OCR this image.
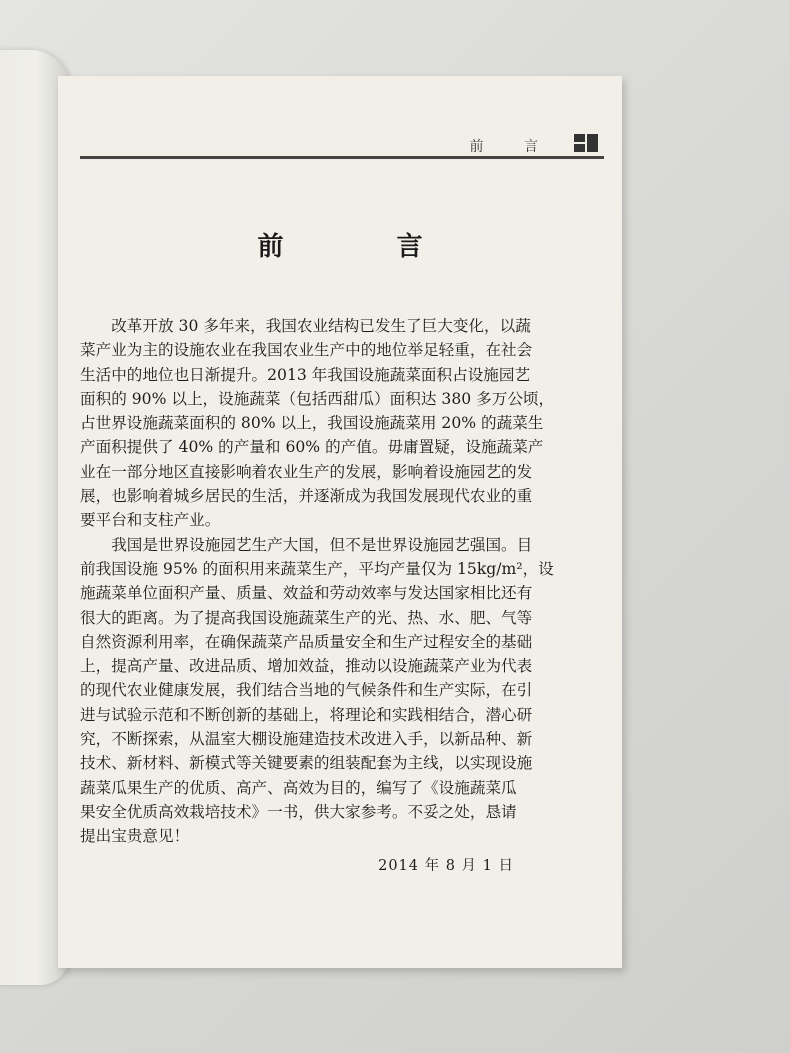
前 言
前 言

　　改革开放 30 多年来，我国农业结构已发生了巨大变化，以蔬
菜产业为主的设施农业在我国农业生产中的地位举足轻重，在社会
生活中的地位也日渐提升。2013 年我国设施蔬菜面积占设施园艺
面积的 90% 以上，设施蔬菜（包括西甜瓜）面积达 380 多万公顷，
占世界设施蔬菜面积的 80% 以上，我国设施蔬菜用 20% 的蔬菜生
产面积提供了 40% 的产量和 60% 的产值。毋庸置疑，设施蔬菜产
业在一部分地区直接影响着农业生产的发展，影响着设施园艺的发
展，也影响着城乡居民的生活，并逐渐成为我国发展现代农业的重
要平台和支柱产业。

　　我国是世界设施园艺生产大国，但不是世界设施园艺强国。目
前我国设施 95% 的面积用来蔬菜生产，平均产量仅为 15kg/m²，设
施蔬菜单位面积产量、质量、效益和劳动效率与发达国家相比还有
很大的距离。为了提高我国设施蔬菜生产的光、热、水、肥、气等
自然资源利用率，在确保蔬菜产品质量安全和生产过程安全的基础
上，提高产量、改进品质、增加效益，推动以设施蔬菜产业为代表
的现代农业健康发展，我们结合当地的气候条件和生产实际，在引
进与试验示范和不断创新的基础上，将理论和实践相结合，潜心研
究，不断探索，从温室大棚设施建造技术改进入手，以新品种、新
技术、新材料、新模式等关键要素的组装配套为主线，以实现设施
蔬菜瓜果生产的优质、高产、高效为目的，编写了《设施蔬菜瓜
果安全优质高效栽培技术》一书，供大家参考。不妥之处，恳请
提出宝贵意见！

2014 年 8 月 1 日
